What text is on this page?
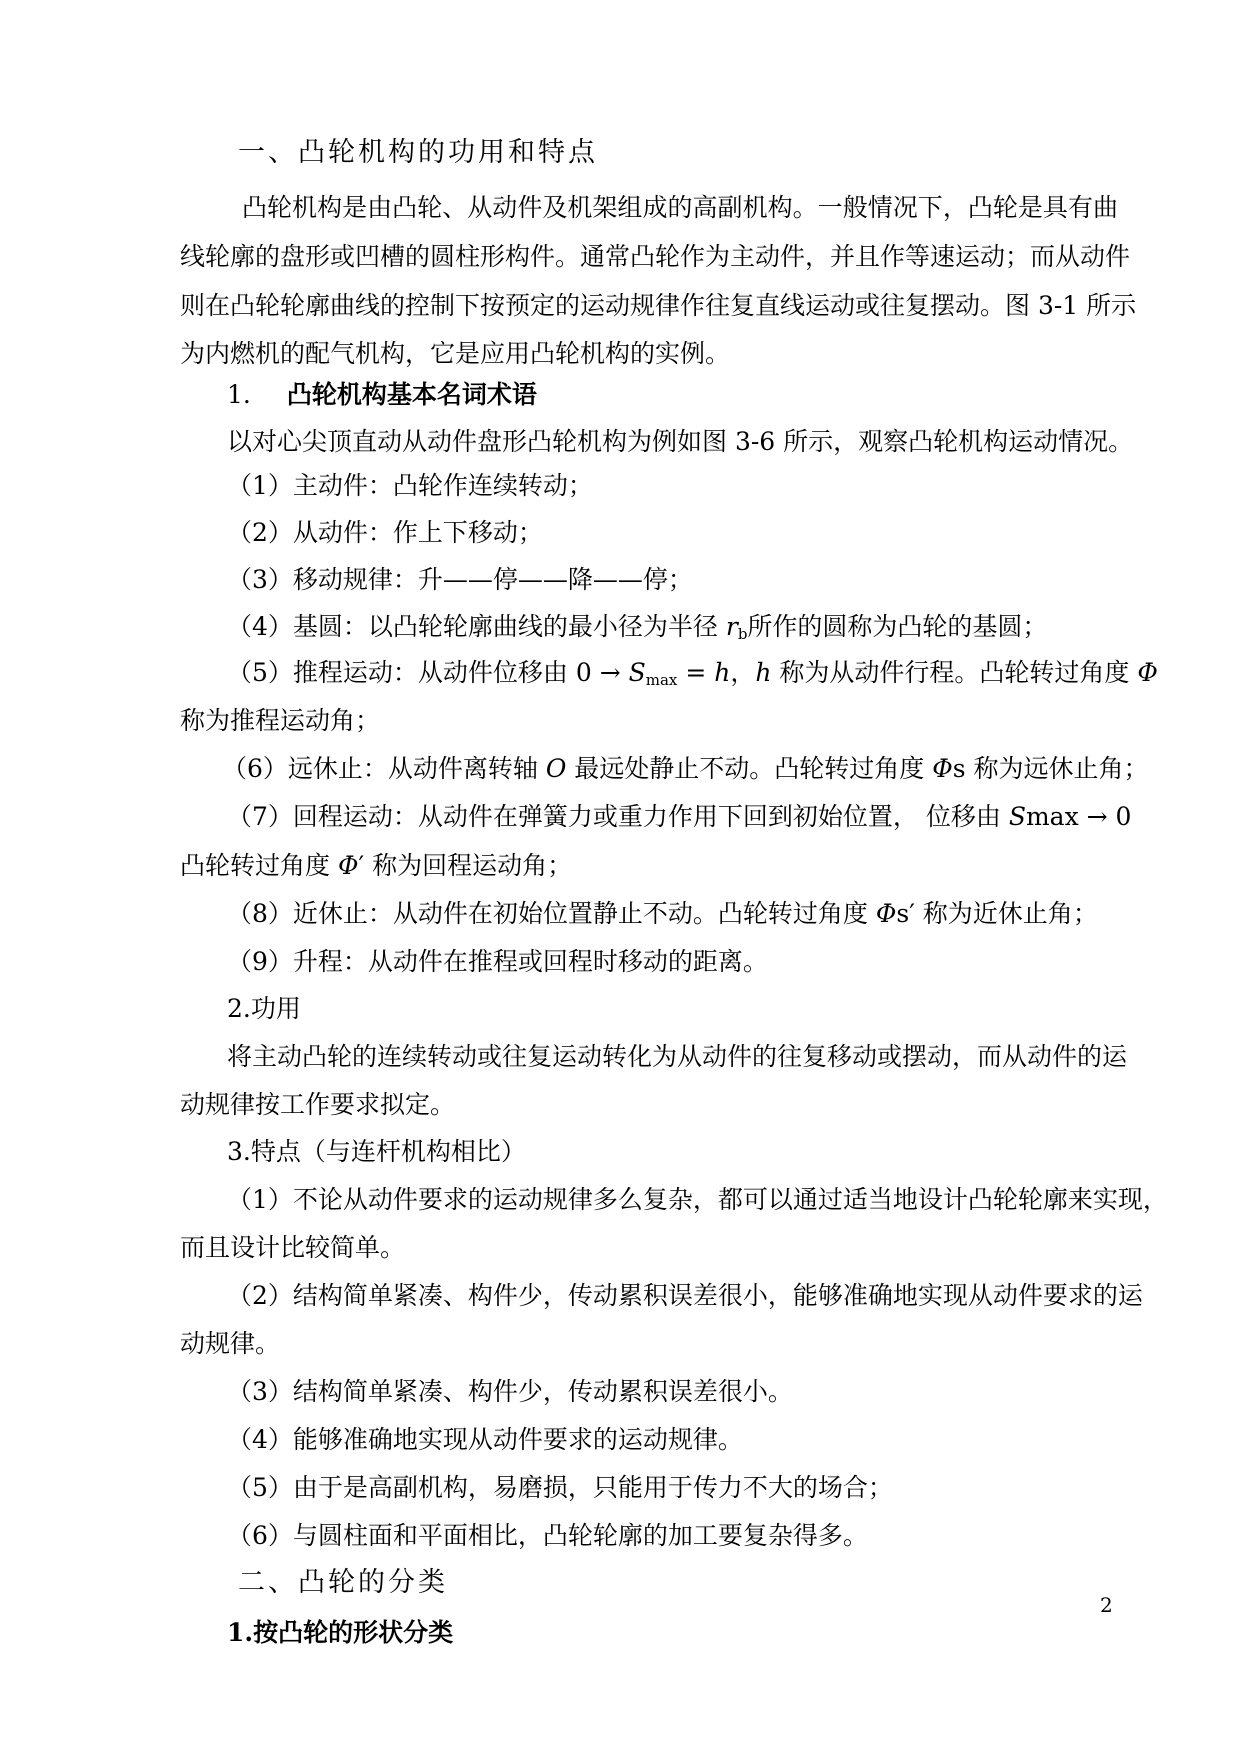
一、凸轮机构的功用和特点
凸轮机构是由凸轮、从动件及机架组成的高副机构。一般情况下，凸轮是具有曲
线轮廓的盘形或凹槽的圆柱形构件。通常凸轮作为主动件，并且作等速运动；而从动件
则在凸轮轮廓曲线的控制下按预定的运动规律作往复直线运动或往复摆动。图 3-1 所示
为内燃机的配气机构，它是应用凸轮机构的实例。
1. 凸轮机构基本名词术语
以对心尖顶直动从动件盘形凸轮机构为例如图 3-6 所示，观察凸轮机构运动情况。
（1）主动件：凸轮作连续转动；
（2）从动件：作上下移动；
（3）移动规律：升——停——降——停；
（4）基圆：以凸轮轮廓曲线的最小径为半径 $r_b$所作的圆称为凸轮的基圆；
（5）推程运动：从动件位移由 $0 \to S_{max} = h$，h 称为从动件行程。凸轮转过角度 Φ
称为推程运动角；
（6）远休止：从动件离转轴 O 最远处静止不动。凸轮转过角度 Φs 称为远休止角；
（7）回程运动：从动件在弹簧力或重力作用下回到初始位置， 位移由 Smax → 0
凸轮转过角度 Φ′ 称为回程运动角；
（8）近休止：从动件在初始位置静止不动。凸轮转过角度 Φs′ 称为近休止角；
（9）升程：从动件在推程或回程时移动的距离。
2.功用
将主动凸轮的连续转动或往复运动转化为从动件的往复移动或摆动，而从动件的运
动规律按工作要求拟定。
3.特点（与连杆机构相比）
（1）不论从动件要求的运动规律多么复杂，都可以通过适当地设计凸轮轮廓来实现，
而且设计比较简单。
（2）结构简单紧凑、构件少，传动累积误差很小，能够准确地实现从动件要求的运
动规律。
（3）结构简单紧凑、构件少，传动累积误差很小。
（4）能够准确地实现从动件要求的运动规律。
（5）由于是高副机构，易磨损，只能用于传力不大的场合；
（6）与圆柱面和平面相比，凸轮轮廓的加工要复杂得多。
二、凸轮的分类
1.按凸轮的形状分类
2
